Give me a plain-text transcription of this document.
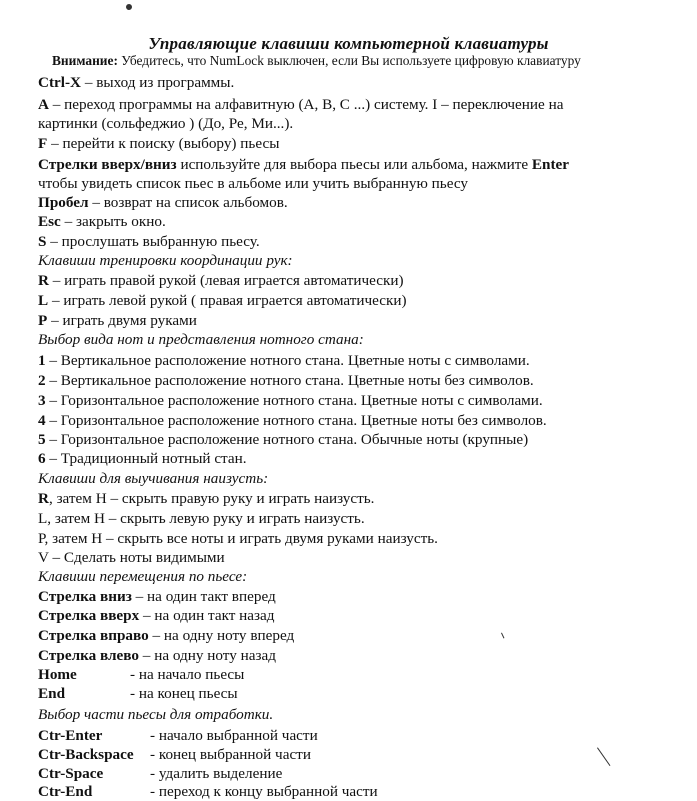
Управляющие клавиши компьютерной клавиатуры
Внимание: Убедитесь, что NumLock выключен, если Вы используете цифровую клавиатуру
Ctrl-X – выход из программы.
A – переход программы на алфавитную (A, B, C ...) систему. I – переключение на
картинки (сольфеджио ) (До, Ре, Ми...).
F – перейти к поиску (выбору) пьесы
Стрелки вверх/вниз используйте для выбора пьесы или альбома, нажмите Enter
чтобы увидеть список пьес в альбоме или учить выбранную пьесу
Пробел – возврат на список альбомов.
Esc – закрыть окно.
S – прослушать выбранную пьесу.
Клавиши тренировки координации рук:
R – играть правой рукой (левая играется автоматически)
L – играть левой рукой ( правая играется автоматически)
P – играть двумя руками
Выбор вида нот и представления нотного стана:
1 – Вертикальное расположение нотного стана. Цветные ноты с символами.
2 – Вертикальное расположение нотного стана. Цветные ноты без символов.
3 – Горизонтальное расположение нотного стана. Цветные ноты с символами.
4 – Горизонтальное расположение нотного стана. Цветные ноты без символов.
5 – Горизонтальное расположение нотного стана. Обычные ноты (крупные)
6 – Традиционный нотный стан.
Клавиши для выучивания наизусть:
R, затем Н – скрыть правую руку и играть наизусть.
L, затем Н – скрыть левую руку и играть наизусть.
Р, затем Н – скрыть все ноты и играть двумя руками наизусть.
V – Сделать ноты видимыми
Клавиши перемещения по пьесе:
Стрелка вниз – на один такт вперед
Стрелка вверх – на один такт назад
Стрелка вправо – на одну ноту вперед
Стрелка влево – на одну ноту назад
Home	- на начало пьесы
End	- на конец пьесы
Выбор части пьесы для отработки.
Ctr-Enter	- начало выбранной части
Ctr-Backspace - конец выбранной части
Ctr-Space	- удалить выделение
Ctr-End	- переход к концу выбранной части
